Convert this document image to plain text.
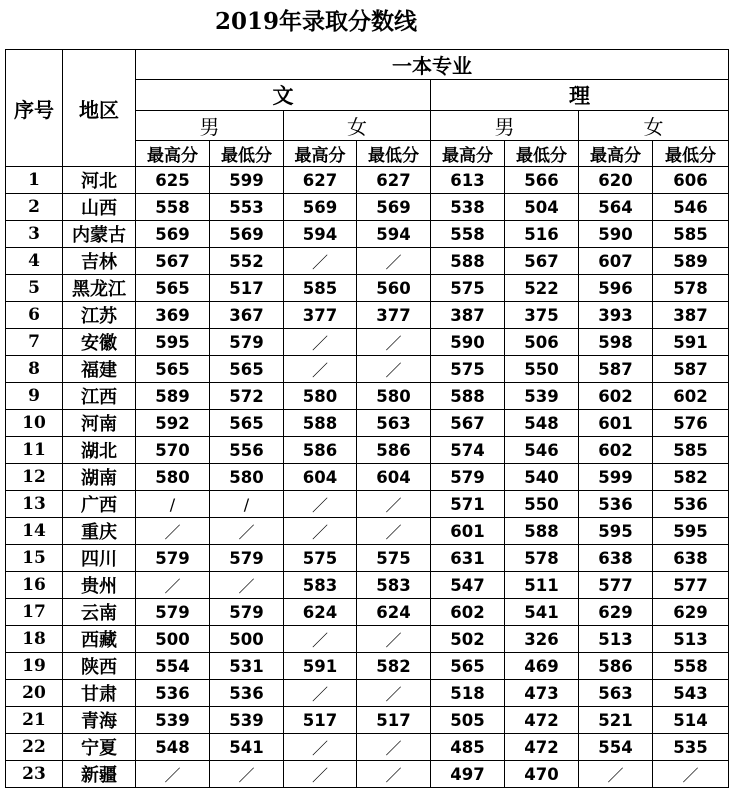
2019年录取分数线
序号	地区	一本专业							
		文				理			
		男		女		男		女	
		最高分	最低分	最高分	最低分	最高分	最低分	最高分	最低分
1	河北	625	599	627	627	613	566	620	606
2	山西	558	553	569	569	538	504	564	546
3	内蒙古	569	569	594	594	558	516	590	585
4	吉林	567	552	／	／	588	567	607	589
5	黑龙江	565	517	585	560	575	522	596	578
6	江苏	369	367	377	377	387	375	393	387
7	安徽	595	579	／	／	590	506	598	591
8	福建	565	565	／	／	575	550	587	587
9	江西	589	572	580	580	588	539	602	602
10	河南	592	565	588	563	567	548	601	576
11	湖北	570	556	586	586	574	546	602	585
12	湖南	580	580	604	604	579	540	599	582
13	广西	/	/	／	／	571	550	536	536
14	重庆	／	／	／	／	601	588	595	595
15	四川	579	579	575	575	631	578	638	638
16	贵州	／	／	583	583	547	511	577	577
17	云南	579	579	624	624	602	541	629	629
18	西藏	500	500	／	／	502	326	513	513
19	陕西	554	531	591	582	565	469	586	558
20	甘肃	536	536	／	／	518	473	563	543
21	青海	539	539	517	517	505	472	521	514
22	宁夏	548	541	／	／	485	472	554	535
23	新疆	／	／	／	／	497	470	／	／
